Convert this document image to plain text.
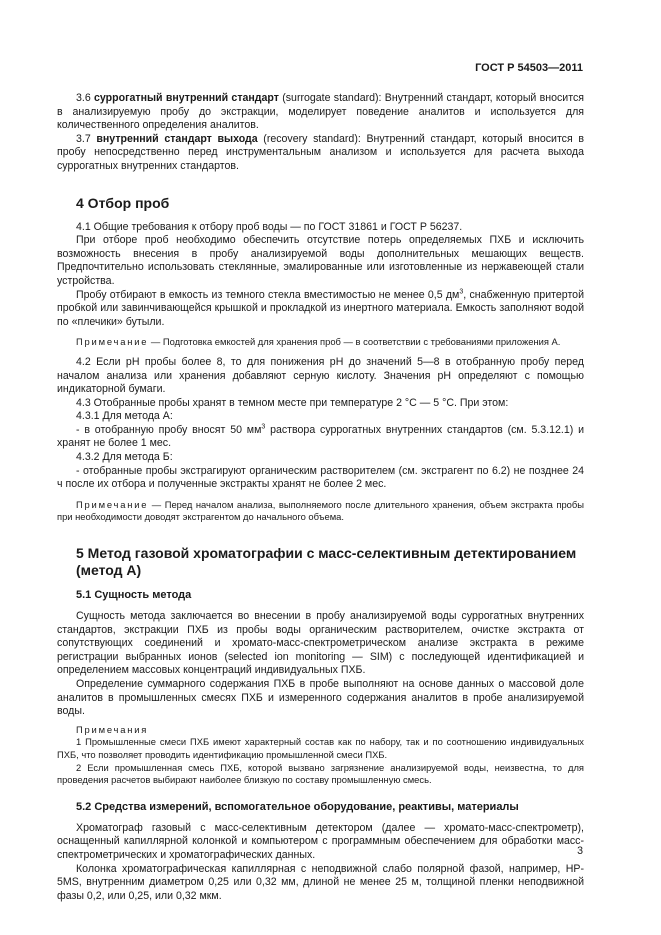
ГОСТ Р 54503—2011

3.6 суррогатный внутренний стандарт (surrogate standard): Внутренний стандарт, который вносится в анализируемую пробу до экстракции, моделирует поведение аналитов и используется для количественного определения аналитов.

3.7 внутренний стандарт выхода (recovery standard): Внутренний стандарт, который вносится в пробу непосредственно перед инструментальным анализом и используется для расчета выхода суррогатных внутренних стандартов.

4 Отбор проб

4.1 Общие требования к отбору проб воды — по ГОСТ 31861 и ГОСТ Р 56237.

При отборе проб необходимо обеспечить отсутствие потерь определяемых ПХБ и исключить возможность внесения в пробу анализируемой воды дополнительных мешающих веществ. Предпочтительно использовать стеклянные, эмалированные или изготовленные из нержавеющей стали устройства.

Пробу отбирают в емкость из темного стекла вместимостью не менее 0,5 $дм^3$, снабженную притертой пробкой или завинчивающейся крышкой и прокладкой из инертного материала. Емкость заполняют водой по «плечики» бутыли.

Примечание — Подготовка емкостей для хранения проб — в соответствии с требованиями приложения А.

4.2 Если pH пробы более 8, то для понижения pH до значений 5—8 в отобранную пробу перед началом анализа или хранения добавляют серную кислоту. Значения pH определяют с помощью индикаторной бумаги.

4.3 Отобранные пробы хранят в темном месте при температуре 2 °C — 5 °C. При этом:

4.3.1 Для метода А:

- в отобранную пробу вносят 50 $мм^3$ раствора суррогатных внутренних стандартов (см. 5.3.12.1) и хранят не более 1 мес.

4.3.2 Для метода Б:

- отобранные пробы экстрагируют органическим растворителем (см. экстрагент по 6.2) не позднее 24 ч после их отбора и полученные экстракты хранят не более 2 мес.

Примечание — Перед началом анализа, выполняемого после длительного хранения, объем экстракта пробы при необходимости доводят экстрагентом до начального объема.

5 Метод газовой хроматографии с масс-селективным детектированием (метод А)
5.1 Сущность метода

Сущность метода заключается во внесении в пробу анализируемой воды суррогатных внутренних стандартов, экстракции ПХБ из пробы воды органическим растворителем, очистке экстракта от сопутствующих соединений и хромато-масс-спектрометрическом анализе экстракта в режиме регистрации выбранных ионов (selected ion monitoring — SIM) с последующей идентификацией и определением массовых концентраций индивидуальных ПХБ.

Определение суммарного содержания ПХБ в пробе выполняют на основе данных о массовой доле аналитов в промышленных смесях ПХБ и измеренного содержания аналитов в пробе анализируемой воды.

Примечания

1 Промышленные смеси ПХБ имеют характерный состав как по набору, так и по соотношению индивидуальных ПХБ, что позволяет проводить идентификацию промышленной смеси ПХБ.

2 Если промышленная смесь ПХБ, которой вызвано загрязнение анализируемой воды, неизвестна, то для проведения расчетов выбирают наиболее близкую по составу промышленную смесь.

5.2 Средства измерений, вспомогательное оборудование, реактивы, материалы

Хроматограф газовый с масс-селективным детектором (далее — хромато-масс-спектрометр), оснащенный капиллярной колонкой и компьютером с программным обеспечением для обработки масс-спектрометрических и хроматографических данных.

Колонка хроматографическая капиллярная с неподвижной слабо полярной фазой, например, HP-5MS, внутренним диаметром 0,25 или 0,32 мм, длиной не менее 25 м, толщиной пленки неподвижной фазы 0,2, или 0,25, или 0,32 мкм.

3
